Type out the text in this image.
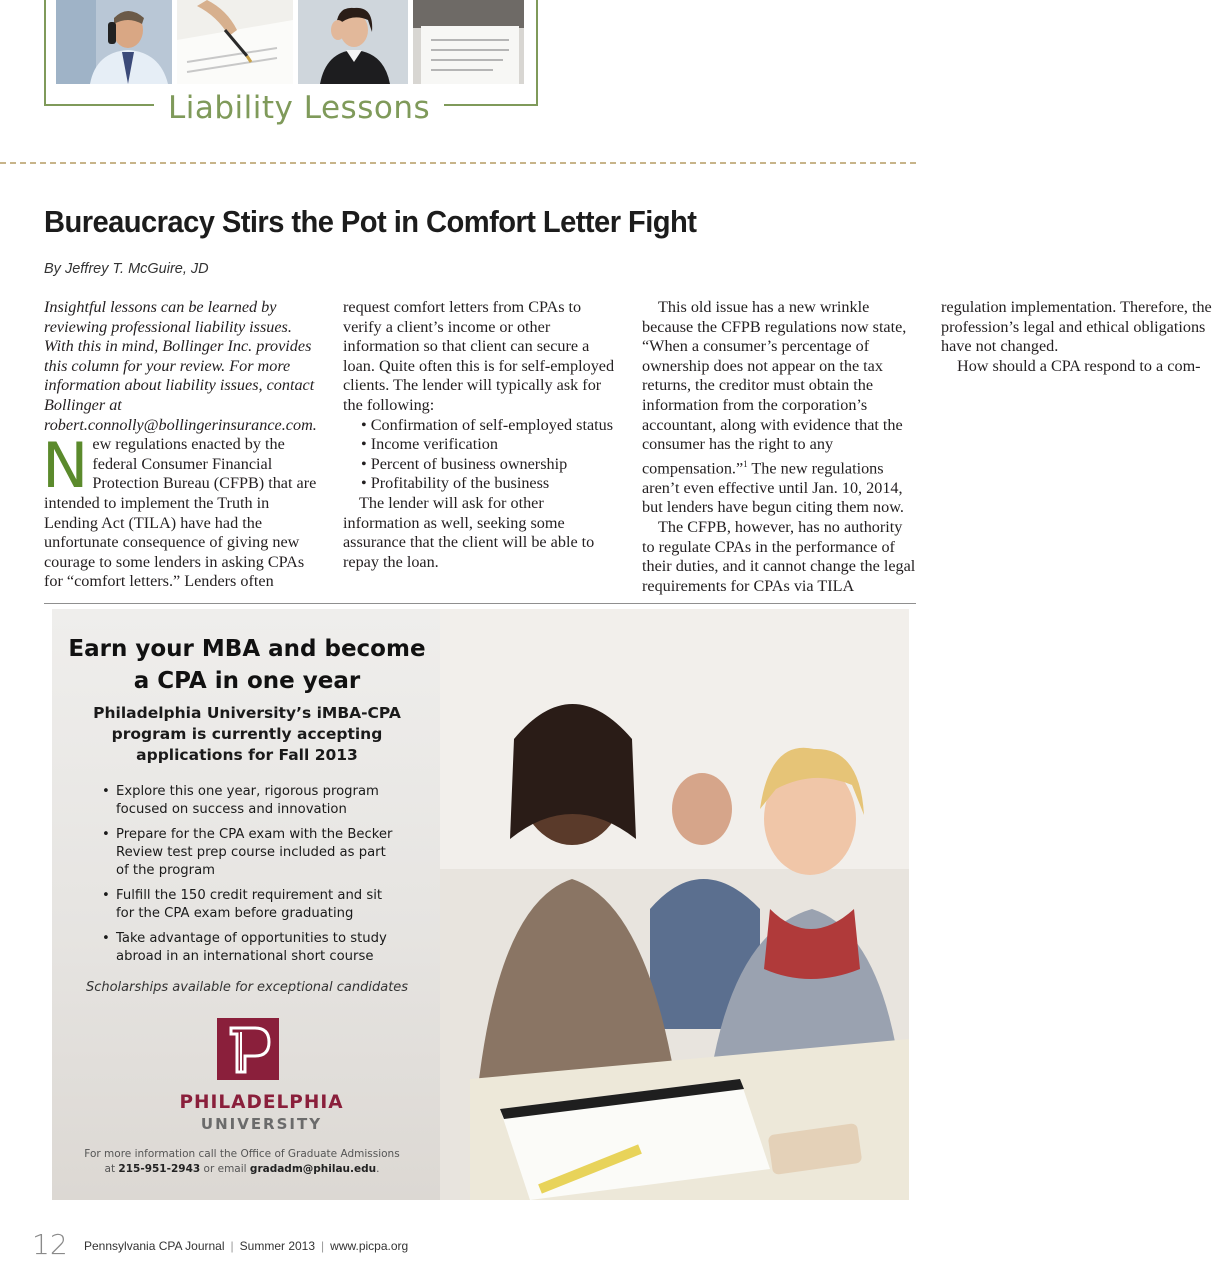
Liability Lessons
Bureaucracy Stirs the Pot in Comfort Letter Fight
By Jeffrey T. McGuire, JD

Insightful lessons can be learned by reviewing professional liability issues. With this in mind, Bollinger Inc. provides this column for your review. For more information about liability issues, contact Bollinger at robert.connolly@bollingerinsurance.com.

New regulations enacted by the federal Consumer Financial Protection Bureau (CFPB) that are intended to implement the Truth in Lending Act (TILA) have had the unfortunate consequence of giving new courage to some lenders in asking CPAs for “comfort letters.” Lenders often request comfort letters from CPAs to verify a client’s income or other information so that client can secure a loan. Quite often this is for self-employed clients. The lender will typically ask for the following:

• Confirmation of self-employed status
• Income verification
• Percent of business ownership
• Profitability of the business

The lender will ask for other information as well, seeking some assurance that the client will be able to repay the loan.

This old issue has a new wrinkle because the CFPB regulations now state, “When a consumer’s percentage of ownership does not appear on the tax returns, the creditor must obtain the information from the corporation’s accountant, along with evidence that the consumer has the right to any compensation.”$^1$ The new regulations aren’t even effective until Jan. 10, 2014, but lenders have begun citing them now.

The CFPB, however, has no authority to regulate CPAs in the performance of their duties, and it cannot change the legal requirements for CPAs via TILA regulation implementation. Therefore, the profession’s legal and ethical obligations have not changed.

How should a CPA respond to a com-

Earn your MBA and become
a CPA in one year
Philadelphia University’s iMBA-CPA
program is currently accepting
applications for Fall 2013
• Explore this one year, rigorous program focused on success and innovation
• Prepare for the CPA exam with the Becker Review test prep course included as part of the program
• Fulfill the 150 credit requirement and sit for the CPA exam before graduating
• Take advantage of opportunities to study abroad in an international short course
Scholarships available for exceptional candidates
PHILADELPHIA
UNIVERSITY
For more information call the Office of Graduate Admissions
at 215-951-2943 or email gradadm@philau.edu.
12 Pennsylvania CPA Journal | Summer 2013 | www.picpa.org
